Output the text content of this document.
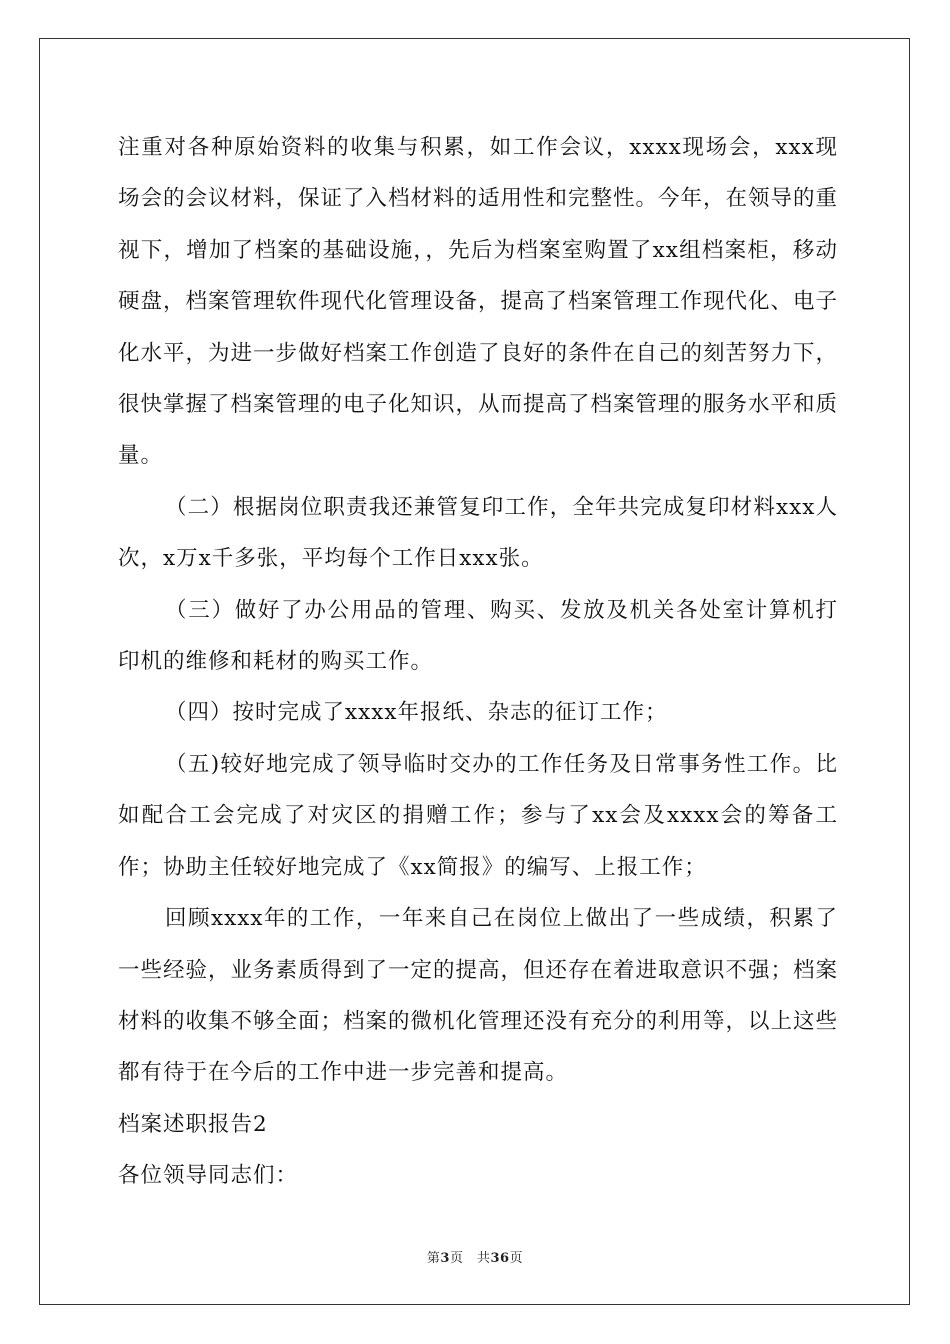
注重对各种原始资料的收集与积累，如工作会议，xxxx现场会，xxx现场会的会议材料，保证了入档材料的适用性和完整性。今年，在领导的重视下，增加了档案的基础设施，，先后为档案室购置了xx组档案柜，移动硬盘，档案管理软件现代化管理设备，提高了档案管理工作现代化、电子化水平，为进一步做好档案工作创造了良好的条件在自己的刻苦努力下，很快掌握了档案管理的电子化知识，从而提高了档案管理的服务水平和质量。

（二）根据岗位职责我还兼管复印工作，全年共完成复印材料xxx人次，x万x千多张，平均每个工作日xxx张。

（三）做好了办公用品的管理、购买、发放及机关各处室计算机打印机的维修和耗材的购买工作。

（四）按时完成了xxxx年报纸、杂志的征订工作；

（五)较好地完成了领导临时交办的工作任务及日常事务性工作。比如配合工会完成了对灾区的捐赠工作；参与了xx会及xxxx会的筹备工作；协助主任较好地完成了《xx简报》的编写、上报工作；

回顾xxxx年的工作，一年来自己在岗位上做出了一些成绩，积累了一些经验，业务素质得到了一定的提高，但还存在着进取意识不强；档案材料的收集不够全面；档案的微机化管理还没有充分的利用等，以上这些都有待于在今后的工作中进一步完善和提高。

档案述职报告2

各位领导同志们：

第3页　共36页
